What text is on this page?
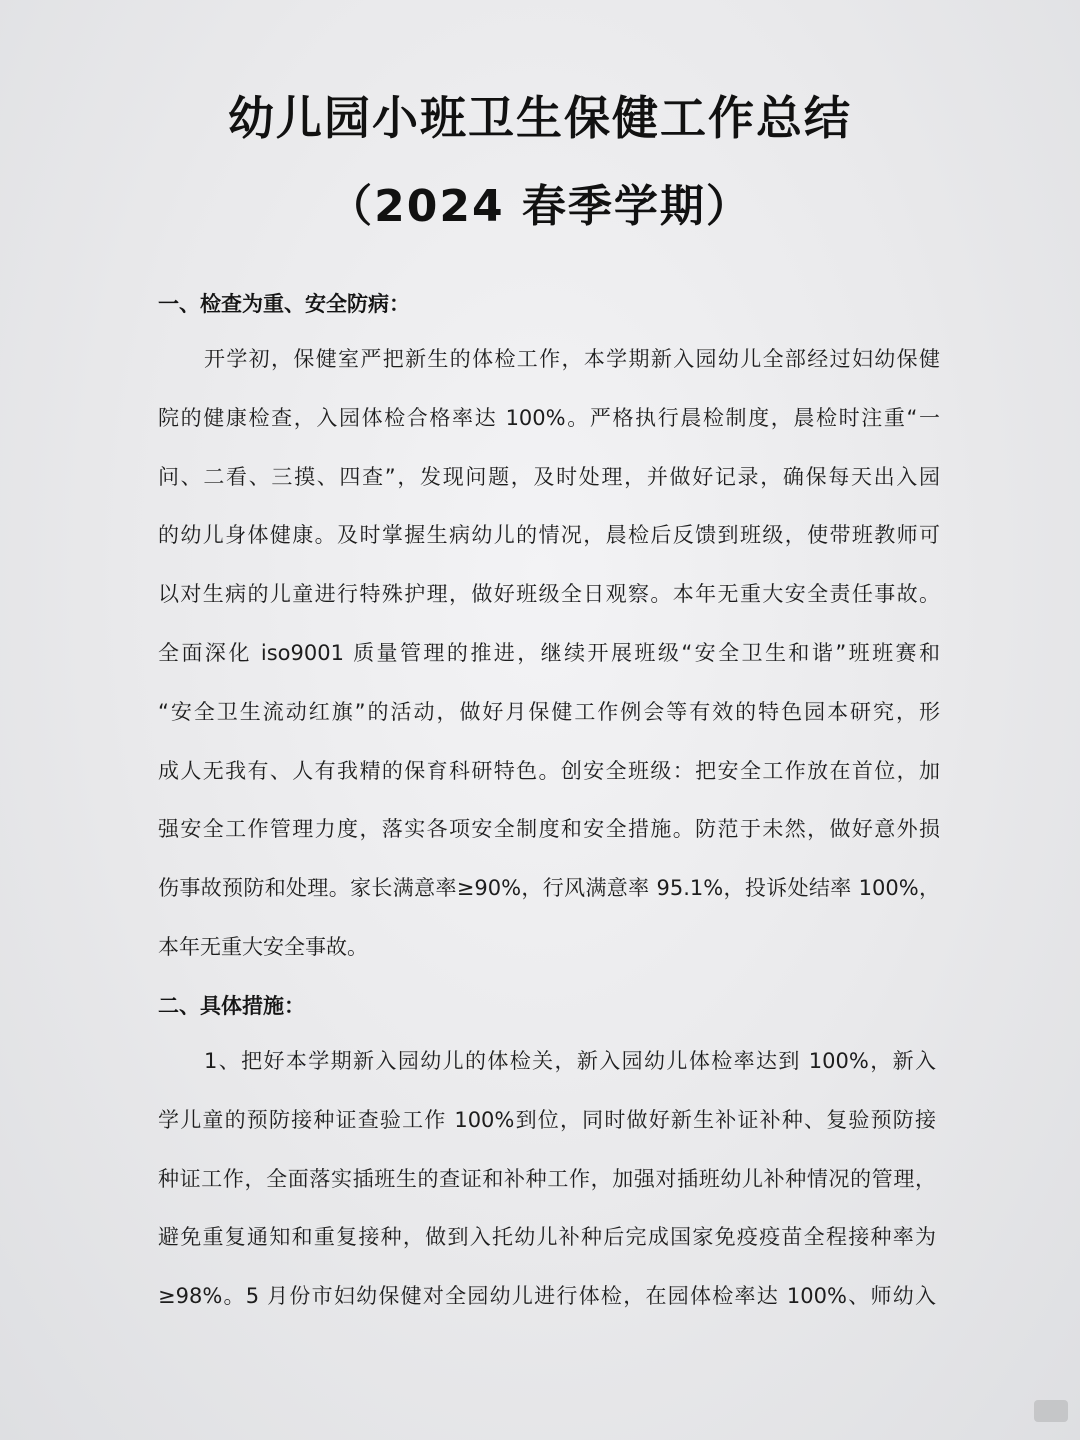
幼儿园小班卫生保健工作总结
（2024 春季学期）
一、检查为重、安全防病：
开学初，保健室严把新生的体检工作，本学期新入园幼儿全部经过妇幼保健
院的健康检查，入园体检合格率达 100%。严格执行晨检制度，晨检时注重“一
问、二看、三摸、四查”，发现问题，及时处理，并做好记录，确保每天出入园
的幼儿身体健康。及时掌握生病幼儿的情况，晨检后反馈到班级，使带班教师可
以对生病的儿童进行特殊护理，做好班级全日观察。本年无重大安全责任事故。
全面深化 iso9001 质量管理的推进，继续开展班级“安全卫生和谐”班班赛和
“安全卫生流动红旗”的活动，做好月保健工作例会等有效的特色园本研究，形
成人无我有、人有我精的保育科研特色。创安全班级：把安全工作放在首位，加
强安全工作管理力度，落实各项安全制度和安全措施。防范于未然，做好意外损
伤事故预防和处理。家长满意率≥90%，行风满意率 95.1%，投诉处结率 100%，
本年无重大安全事故。
二、具体措施：
1、把好本学期新入园幼儿的体检关，新入园幼儿体检率达到 100%，新入
学儿童的预防接种证查验工作 100%到位，同时做好新生补证补种、复验预防接
种证工作，全面落实插班生的查证和补种工作，加强对插班幼儿补种情况的管理，
避免重复通知和重复接种，做到入托幼儿补种后完成国家免疫疫苗全程接种率为
≥98%。5 月份市妇幼保健对全园幼儿进行体检，在园体检率达 100%、师幼入
